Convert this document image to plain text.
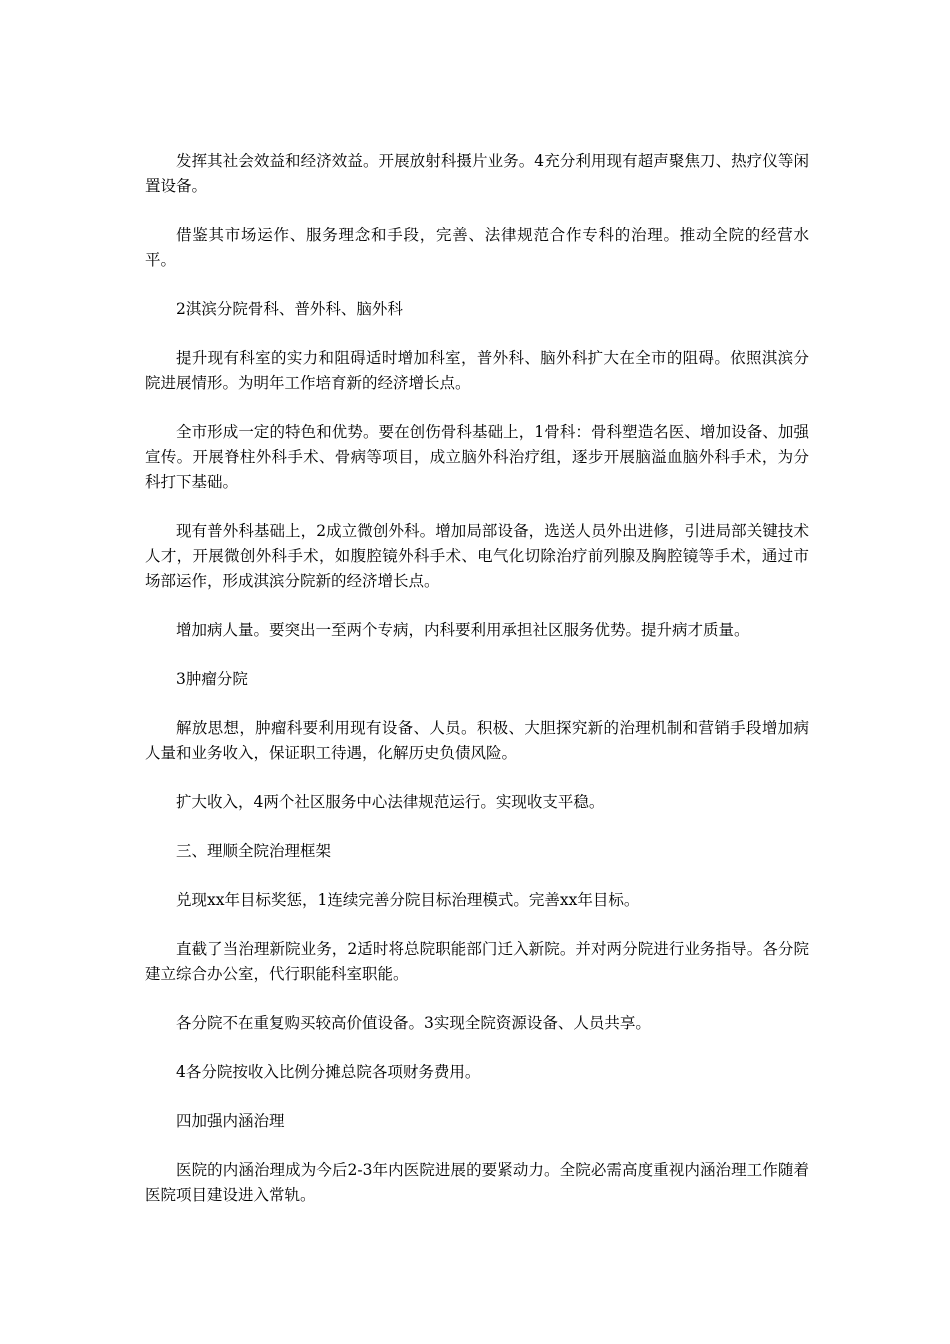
发挥其社会效益和经济效益。开展放射科摄片业务。4充分利用现有超声聚焦刀、热疗仪等闲置设备。

借鉴其市场运作、服务理念和手段，完善、法律规范合作专科的治理。推动全院的经营水平。

2淇滨分院骨科、普外科、脑外科

提升现有科室的实力和阻碍适时增加科室，普外科、脑外科扩大在全市的阻碍。依照淇滨分院进展情形。为明年工作培育新的经济增长点。

全市形成一定的特色和优势。要在创伤骨科基础上，1骨科：骨科塑造名医、增加设备、加强宣传。开展脊柱外科手术、骨病等项目，成立脑外科治疗组，逐步开展脑溢血脑外科手术，为分科打下基础。

现有普外科基础上，2成立微创外科。增加局部设备，选送人员外出进修，引进局部关键技术人才，开展微创外科手术，如腹腔镜外科手术、电气化切除治疗前列腺及胸腔镜等手术，通过市场部运作，形成淇滨分院新的经济增长点。

增加病人量。要突出一至两个专病，内科要利用承担社区服务优势。提升病才质量。

3肿瘤分院

解放思想，肿瘤科要利用现有设备、人员。积极、大胆探究新的治理机制和营销手段增加病人量和业务收入，保证职工待遇，化解历史负债风险。

扩大收入，4两个社区服务中心法律规范运行。实现收支平稳。

三、理顺全院治理框架

兑现xx年目标奖惩，1连续完善分院目标治理模式。完善xx年目标。

直截了当治理新院业务，2适时将总院职能部门迁入新院。并对两分院进行业务指导。各分院建立综合办公室，代行职能科室职能。

各分院不在重复购买较高价值设备。3实现全院资源设备、人员共享。

4各分院按收入比例分摊总院各项财务费用。

四加强内涵治理

医院的内涵治理成为今后2-3年内医院进展的要紧动力。全院必需高度重视内涵治理工作随着医院项目建设进入常轨。
